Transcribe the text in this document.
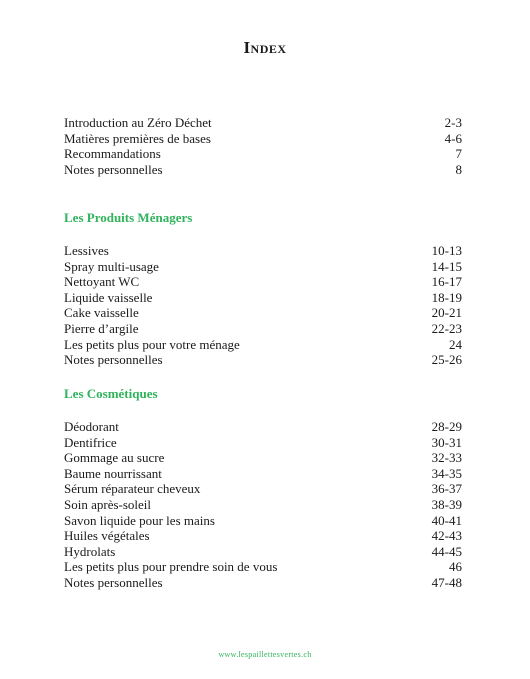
Index
Introduction au Zéro Déchet	2-3
Matières premières de bases	4-6
Recommandations	7
Notes personnelles	8
Les Produits Ménagers
Lessives	10-13
Spray multi-usage	14-15
Nettoyant WC	16-17
Liquide vaisselle	18-19
Cake vaisselle	20-21
Pierre d’argile	22-23
Les petits plus pour votre ménage	24
Notes personnelles	25-26
Les Cosmétiques
Déodorant	28-29
Dentifrice	30-31
Gommage au sucre	32-33
Baume nourrissant	34-35
Sérum réparateur cheveux	36-37
Soin après-soleil	38-39
Savon liquide pour les mains	40-41
Huiles végétales	42-43
Hydrolats	44-45
Les petits plus pour prendre soin de vous	46
Notes personnelles	47-48
www.lespaillettesvertes.ch
